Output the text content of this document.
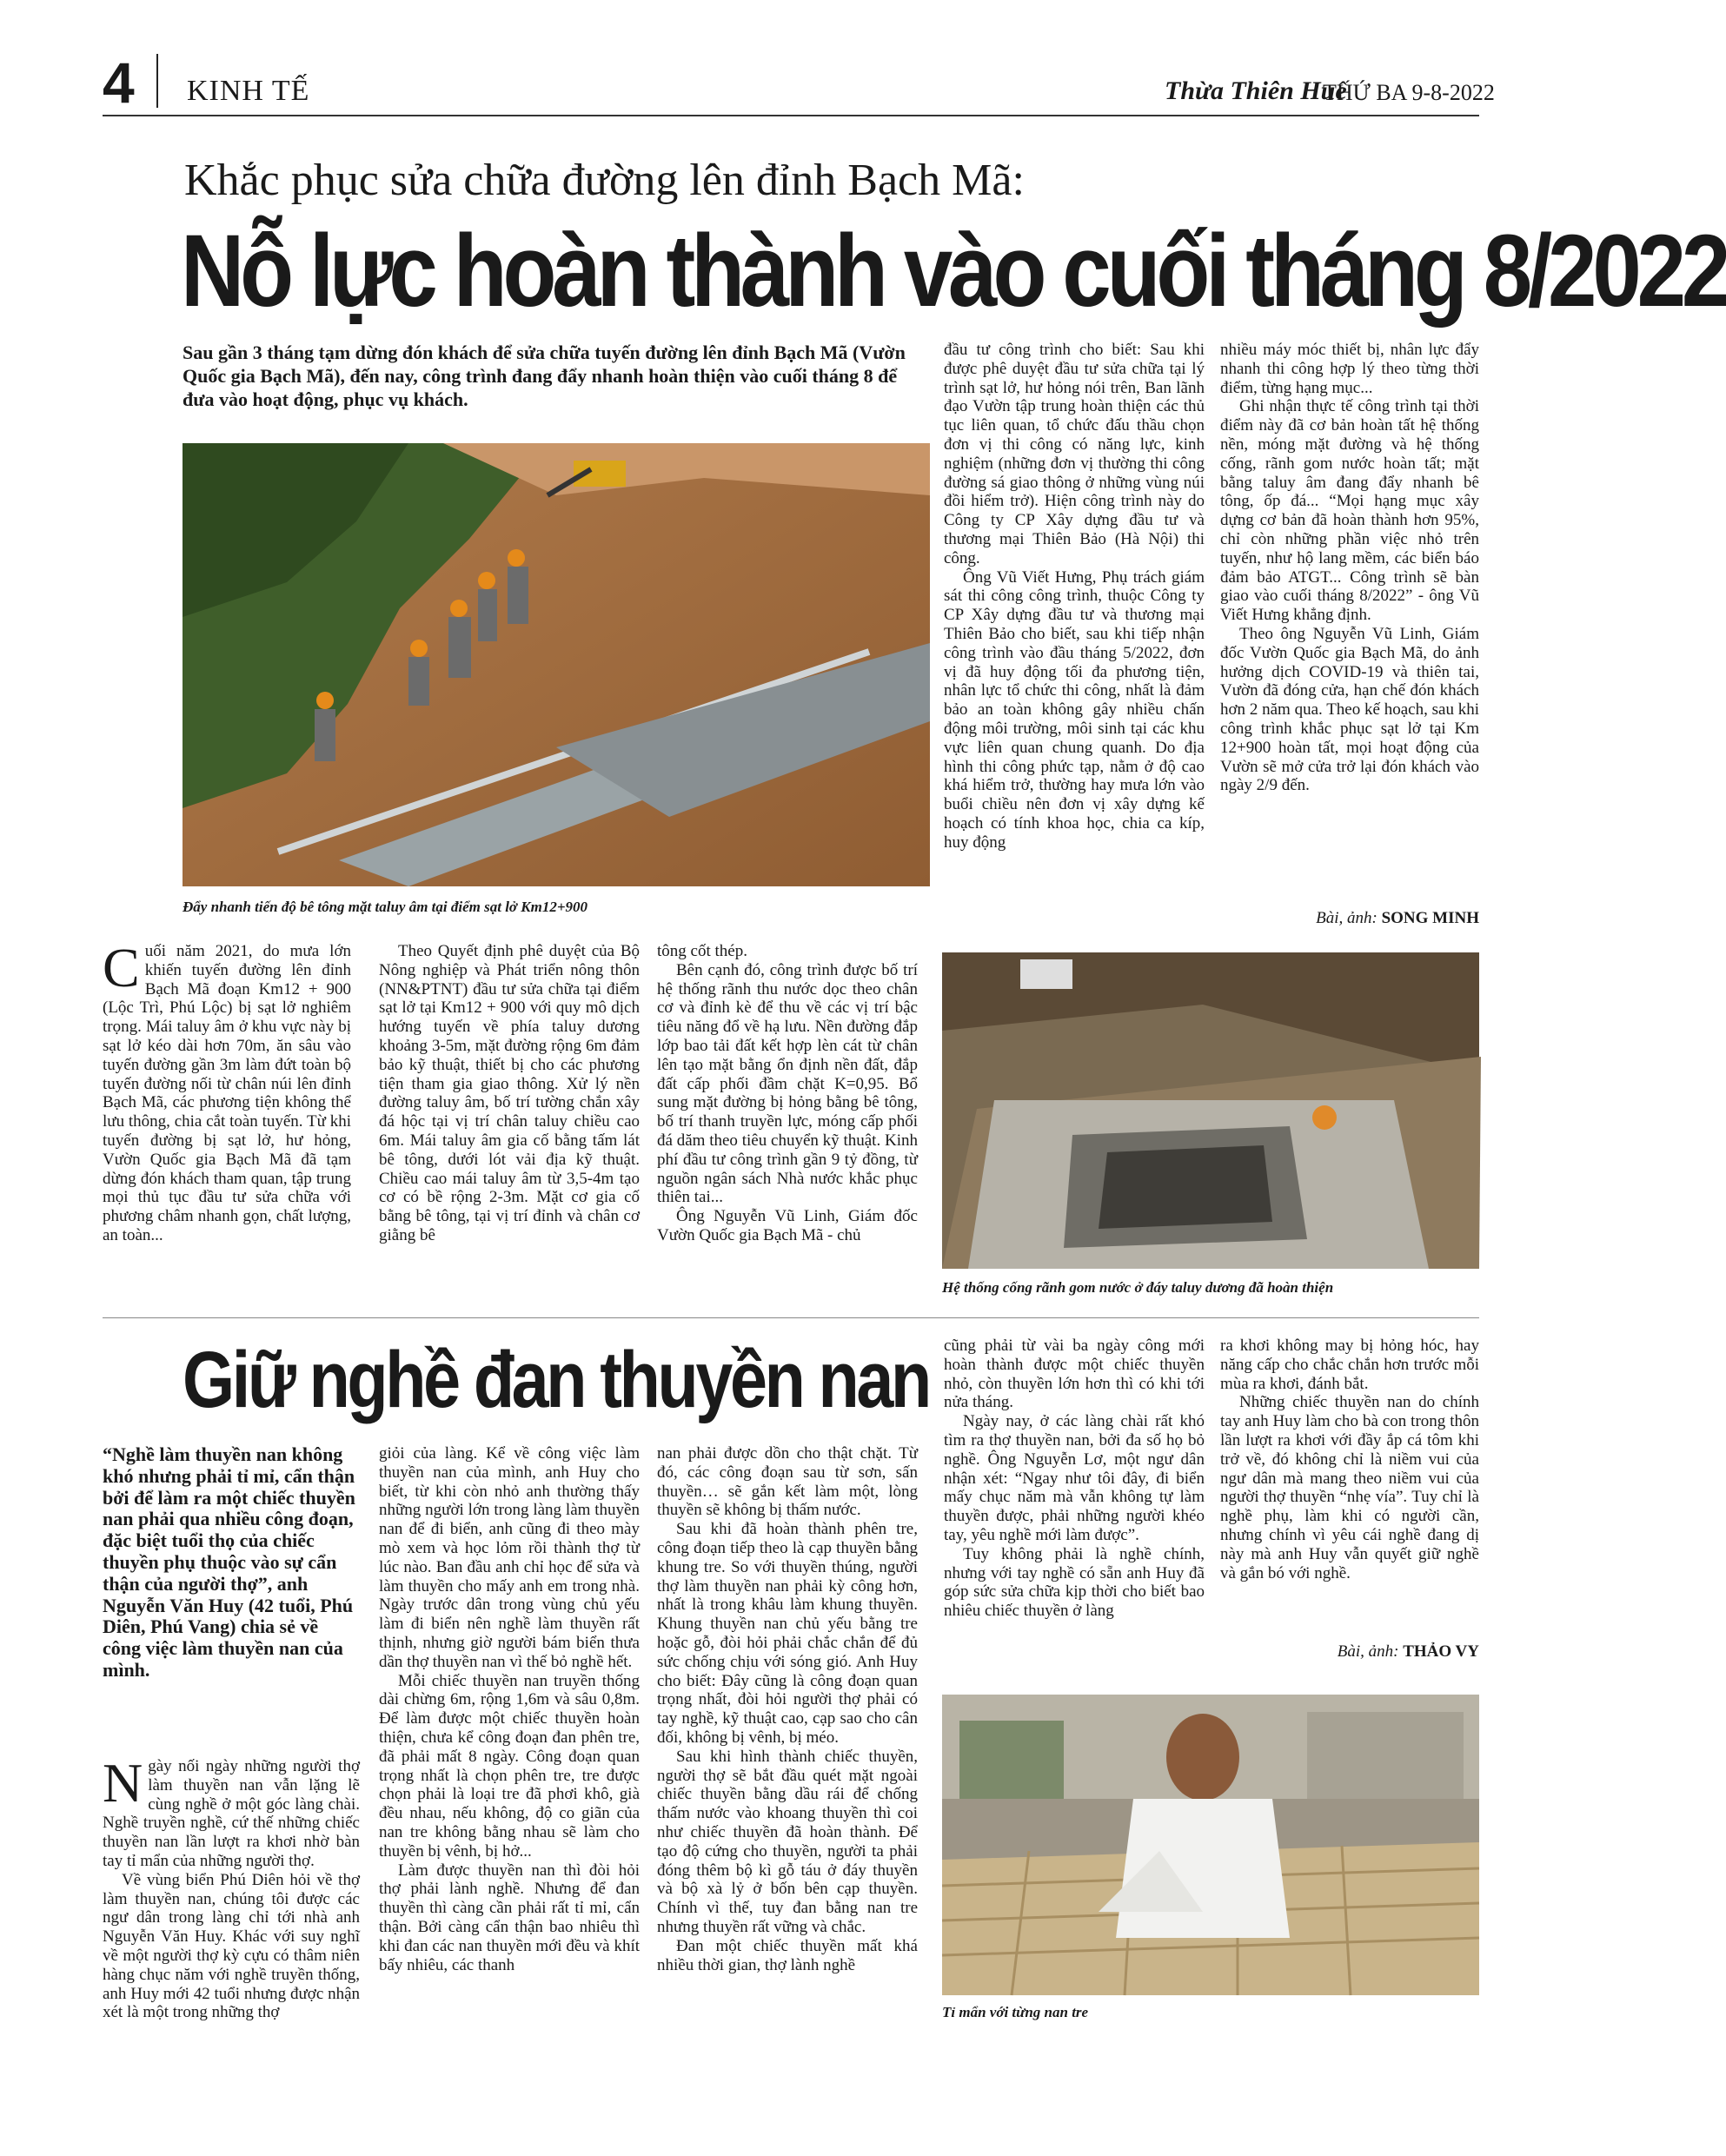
4 KINH TẾ	Thừa Thiên Huế
THỨ BA 9-8-2022
Khắc phục sửa chữa đường lên đỉnh Bạch Mã:
Nỗ lực hoàn thành vào cuối tháng 8/2022
Sau gần 3 tháng tạm dừng đón khách để sửa chữa tuyến đường lên đỉnh Bạch Mã (Vườn Quốc gia Bạch Mã), đến nay, công trình đang đẩy nhanh hoàn thiện vào cuối tháng 8 để đưa vào hoạt động, phục vụ khách.
Đẩy nhanh tiến độ bê tông mặt taluy âm tại điểm sạt lở Km12+900

đầu tư công trình cho biết: Sau khi được phê duyệt đầu tư sửa chữa tại lý trình sạt lở, hư hỏng nói trên, Ban lãnh đạo Vườn tập trung hoàn thiện các thủ tục liên quan, tổ chức đấu thầu chọn đơn vị thi công có năng lực, kinh nghiệm (những đơn vị thường thi công đường sá giao thông ở những vùng núi đồi hiểm trở). Hiện công trình này do Công ty CP Xây dựng đầu tư và thương mại Thiên Bảo (Hà Nội) thi công.

Ông Vũ Viết Hưng, Phụ trách giám sát thi công công trình, thuộc Công ty CP Xây dựng đầu tư và thương mại Thiên Bảo cho biết, sau khi tiếp nhận công trình vào đầu tháng 5/2022, đơn vị đã huy động tối đa phương tiện, nhân lực tổ chức thi công, nhất là đảm bảo an toàn không gây nhiều chấn động môi trường, môi sinh tại các khu vực liên quan chung quanh. Do địa hình thi công phức tạp, nằm ở độ cao khá hiểm trở, thường hay mưa lớn vào buổi chiều nên đơn vị xây dựng kế hoạch có tính khoa học, chia ca kíp, huy động

nhiều máy móc thiết bị, nhân lực đẩy nhanh thi công hợp lý theo từng thời điểm, từng hạng mục...

Ghi nhận thực tế công trình tại thời điểm này đã cơ bản hoàn tất hệ thống nền, móng mặt đường và hệ thống cống, rãnh gom nước hoàn tất; mặt bằng taluy âm đang đẩy nhanh bê tông, ốp đá... “Mọi hạng mục xây dựng cơ bản đã hoàn thành hơn 95%, chỉ còn những phần việc nhỏ trên tuyến, như hộ lang mềm, các biển báo đảm bảo ATGT... Công trình sẽ bàn giao vào cuối tháng 8/2022” - ông Vũ Viết Hưng khẳng định.

Theo ông Nguyễn Vũ Linh, Giám đốc Vườn Quốc gia Bạch Mã, do ảnh hưởng dịch COVID-19 và thiên tai, Vườn đã đóng cửa, hạn chế đón khách hơn 2 năm qua. Theo kế hoạch, sau khi công trình khắc phục sạt lở tại Km 12+900 hoàn tất, mọi hoạt động của Vườn sẽ mở cửa trở lại đón khách vào ngày 2/9 đến.

Bài, ảnh: SONG MINH

Cuối năm 2021, do mưa lớn khiến tuyến đường lên đỉnh Bạch Mã đoạn Km12 + 900 (Lộc Trì, Phú Lộc) bị sạt lở nghiêm trọng. Mái taluy âm ở khu vực này bị sạt lở kéo dài hơn 70m, ăn sâu vào tuyến đường gần 3m làm đứt toàn bộ tuyến đường nối từ chân núi lên đỉnh Bạch Mã, các phương tiện không thể lưu thông, chia cắt toàn tuyến. Từ khi tuyến đường bị sạt lở, hư hỏng, Vườn Quốc gia Bạch Mã đã tạm dừng đón khách tham quan, tập trung mọi thủ tục đầu tư sửa chữa với phương châm nhanh gọn, chất lượng, an toàn...

Theo Quyết định phê duyệt của Bộ Nông nghiệp và Phát triển nông thôn (NN&PTNT) đầu tư sửa chữa tại điểm sạt lở tại Km12 + 900 với quy mô dịch hướng tuyến về phía taluy dương khoảng 3-5m, mặt đường rộng 6m đảm bảo kỹ thuật, thiết bị cho các phương tiện tham gia giao thông. Xử lý nền đường taluy âm, bố trí tường chắn xây đá hộc tại vị trí chân taluy chiều cao 6m. Mái taluy âm gia cố bằng tấm lát bê tông, dưới lót vải địa kỹ thuật. Chiều cao mái taluy âm từ 3,5-4m tạo cơ có bề rộng 2-3m. Mặt cơ gia cố bằng bê tông, tại vị trí đỉnh và chân cơ giằng bê

tông cốt thép.

Bên cạnh đó, công trình được bố trí hệ thống rãnh thu nước dọc theo chân cơ và đỉnh kè để thu về các vị trí bậc tiêu năng đổ về hạ lưu. Nền đường đắp lớp bao tải đất kết hợp lèn cát từ chân lên tạo mặt bằng ổn định nền đất, đắp đất cấp phối đầm chặt K=0,95. Bổ sung mặt đường bị hỏng bằng bê tông, bố trí thanh truyền lực, móng cấp phối đá dăm theo tiêu chuyển kỹ thuật. Kinh phí đầu tư công trình gần 9 tỷ đồng, từ nguồn ngân sách Nhà nước khắc phục thiên tai...

Ông Nguyễn Vũ Linh, Giám đốc Vườn Quốc gia Bạch Mã - chủ

Hệ thống cống rãnh gom nước ở đáy taluy dương đã hoàn thiện
Giữ nghề đan thuyền nan
“Nghề làm thuyền nan không khó nhưng phải tỉ mỉ, cẩn thận bởi để làm ra một chiếc thuyền nan phải qua nhiều công đoạn, đặc biệt tuổi thọ của chiếc thuyền phụ thuộc vào sự cẩn thận của người thợ”, anh Nguyễn Văn Huy (42 tuổi, Phú Diên, Phú Vang) chia sẻ về công việc làm thuyền nan của mình.

Ngày nối ngày những người thợ làm thuyền nan vẫn lặng lẽ cùng nghề ở một góc làng chài. Nghề truyền nghề, cứ thế những chiếc thuyền nan lần lượt ra khơi nhờ bàn tay tỉ mẩn của những người thợ.

Về vùng biển Phú Diên hỏi về thợ làm thuyền nan, chúng tôi được các ngư dân trong làng chỉ tới nhà anh Nguyễn Văn Huy. Khác với suy nghĩ về một người thợ kỳ cựu có thâm niên hàng chục năm với nghề truyền thống, anh Huy mới 42 tuổi nhưng được nhận xét là một trong những thợ

giỏi của làng. Kể về công việc làm thuyền nan của mình, anh Huy cho biết, từ khi còn nhỏ anh thường thấy những người lớn trong làng làm thuyền nan để đi biển, anh cũng đi theo mày mò xem và học lỏm rồi thành thợ từ lúc nào. Ban đầu anh chỉ học để sửa và làm thuyền cho mấy anh em trong nhà. Ngày trước dân trong vùng chủ yếu làm đi biển nên nghề làm thuyền rất thịnh, nhưng giờ người bám biển thưa dần thợ thuyền nan vì thế bỏ nghề hết.

Mỗi chiếc thuyền nan truyền thống dài chừng 6m, rộng 1,6m và sâu 0,8m. Để làm được một chiếc thuyền hoàn thiện, chưa kể công đoạn đan phên tre, đã phải mất 8 ngày. Công đoạn quan trọng nhất là chọn phên tre, tre được chọn phải là loại tre đã phơi khô, già đều nhau, nếu không, độ co giãn của nan tre không bằng nhau sẽ làm cho thuyền bị vênh, bị hở...

Làm được thuyền nan thì đòi hỏi thợ phải lành nghề. Nhưng để đan thuyền thì càng cần phải rất tỉ mỉ, cẩn thận. Bởi càng cẩn thận bao nhiêu thì khi đan các nan thuyền mới đều và khít bấy nhiêu, các thanh

nan phải được dồn cho thật chặt. Từ đó, các công đoạn sau từ sơn, sấn thuyền… sẽ gắn kết làm một, lòng thuyền sẽ không bị thấm nước.

Sau khi đã hoàn thành phên tre, công đoạn tiếp theo là cạp thuyền bằng khung tre. So với thuyền thúng, người thợ làm thuyền nan phải kỳ công hơn, nhất là trong khâu làm khung thuyền. Khung thuyền nan chủ yếu bằng tre hoặc gỗ, đòi hỏi phải chắc chắn để đủ sức chống chịu với sóng gió. Anh Huy cho biết: Đây cũng là công đoạn quan trọng nhất, đòi hỏi người thợ phải có tay nghề, kỹ thuật cao, cạp sao cho cân đối, không bị vênh, bị méo.

Sau khi hình thành chiếc thuyền, người thợ sẽ bắt đầu quét mặt ngoài chiếc thuyền bằng dầu rái để chống thấm nước vào khoang thuyền thì coi như chiếc thuyền đã hoàn thành. Để tạo độ cứng cho thuyền, người ta phải đóng thêm bộ kì gỗ táu ở đáy thuyền và bộ xà lỷ ở bốn bên cạp thuyền. Chính vì thế, tuy đan bằng nan tre nhưng thuyền rất vững và chắc.

Đan một chiếc thuyền mất khá nhiều thời gian, thợ lành nghề

cũng phải từ vài ba ngày công mới hoàn thành được một chiếc thuyền nhỏ, còn thuyền lớn hơn thì có khi tới nửa tháng.

Ngày nay, ở các làng chài rất khó tìm ra thợ thuyền nan, bởi đa số họ bỏ nghề. Ông Nguyễn Lơ, một ngư dân nhận xét: “Ngay như tôi đây, đi biển mấy chục năm mà vẫn không tự làm thuyền được, phải những người khéo tay, yêu nghề mới làm được”.

Tuy không phải là nghề chính, nhưng với tay nghề có sẵn anh Huy đã góp sức sửa chữa kịp thời cho biết bao nhiêu chiếc thuyền ở làng

ra khơi không may bị hỏng hóc, hay năng cấp cho chắc chắn hơn trước mỗi mùa ra khơi, đánh bắt.

Những chiếc thuyền nan do chính tay anh Huy làm cho bà con trong thôn lần lượt ra khơi với đầy ắp cá tôm khi trở về, đó không chỉ là niềm vui của ngư dân mà mang theo niềm vui của người thợ thuyền “nhẹ vía”. Tuy chỉ là nghề phụ, làm khi có người cần, nhưng chính vì yêu cái nghề đang dị này mà anh Huy vẫn quyết giữ nghề và gắn bó với nghề.

Bài, ảnh: THẢO VY
Tỉ mẩn với từng nan tre
